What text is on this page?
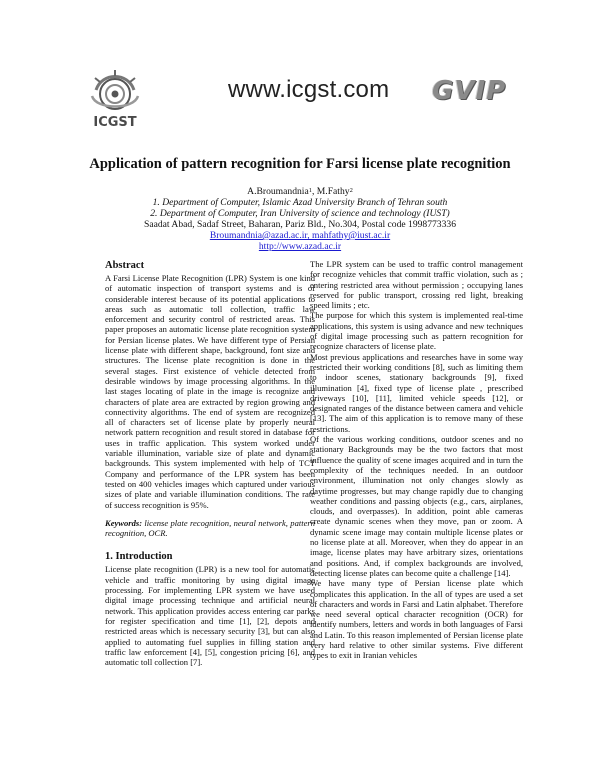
ICGST
www.icgst.com GVIP
Application of pattern recognition for Farsi license plate recognition
A.Broumandnia$^1$, M.Fathy$^2$
1. Department of Computer, Islamic Azad University Branch of Tehran south
2. Department of Computer, Iran University of science and technology (IUST)
Saadat Abad, Sadaf Street, Baharan, Pariz Bld., No.304, Postal code 1998773336
Broumandnia@azad.ac.ir, mahfathy@iust.ac.ir
http://www.azad.ac.ir
Abstract

A Farsi License Plate Recognition (LPR) System is one kind of automatic inspection of transport systems and is of considerable interest because of its potential applications to areas such as automatic toll collection, traffic law enforcement and security control of restricted areas. This paper proposes an automatic license plate recognition system for Persian license plates. We have different type of Persian license plate with different shape, background, font size and structures. The license plate recognition is done in the several stages. First existence of vehicle detected from desirable windows by image processing algorithms. In the last stages locating of plate in the image is recognize and characters of plate area are extracted by region growing and connectivity algorithms. The end of system are recognized all of characters set of license plate by properly neural network pattern recognition and result stored in database for uses in traffic application. This system worked under variable illumination, variable size of plate and dynamic backgrounds. This system implemented with help of TCT Company and performance of the LPR system has been tested on 400 vehicles images which captured under various sizes of plate and variable illumination conditions. The rate of success recognition is 95%.

Keywords: license plate recognition, neural network, pattern recognition, OCR.

1. Introduction

License plate recognition (LPR) is a new tool for automatic vehicle and traffic monitoring by using digital image processing. For implementing LPR system we have used digital image processing technique and artificial neural network. This application provides access entering car parks for register specification and time [1], [2], depots and restricted areas which is necessary security [3], but can also applied to automating fuel supplies in filling station and traffic law enforcement [4], [5], congestion pricing [6], and automatic toll collection [7].

The LPR system can be used to traffic control management for recognize vehicles that commit traffic violation, such as ; entering restricted area without permission ; occupying lanes reserved for public transport, crossing red light, breaking speed limits ; etc.

The purpose for which this system is implemented real-time applications, this system is using advance and new techniques of digital image processing such as pattern recognition for recognize characters of license plate.

Most previous applications and researches have in some way restricted their working conditions [8], such as limiting them to indoor scenes, stationary backgrounds [9], fixed illumination [4], fixed type of license plate , prescribed driveways [10], [11], limited vehicle speeds [12], or designated ranges of the distance between camera and vehicle [13]. The aim of this application is to remove many of these restrictions.

Of the various working conditions, outdoor scenes and no stationary Backgrounds may be the two factors that most influence the quality of scene images acquired and in turn the complexity of the techniques needed. In an outdoor environment, illumination not only changes slowly as daytime progresses, but may change rapidly due to changing weather conditions and passing objects (e.g., cars, airplanes, clouds, and overpasses). In addition, point able cameras create dynamic scenes when they move, pan or zoom. A dynamic scene image may contain multiple license plates or no license plate at all. Moreover, when they do appear in an image, license plates may have arbitrary sizes, orientations and positions. And, if complex backgrounds are involved, detecting license plates can become quite a challenge [14].

We have many type of Persian license plate which complicates this application. In the all of types are used a set of characters and words in Farsi and Latin alphabet. Therefore we need several optical character recognition (OCR) for identify numbers, letters and words in both languages of Farsi and Latin. To this reason implemented of Persian license plate very hard relative to other similar systems. Five different types to exit in Iranian vehicles
